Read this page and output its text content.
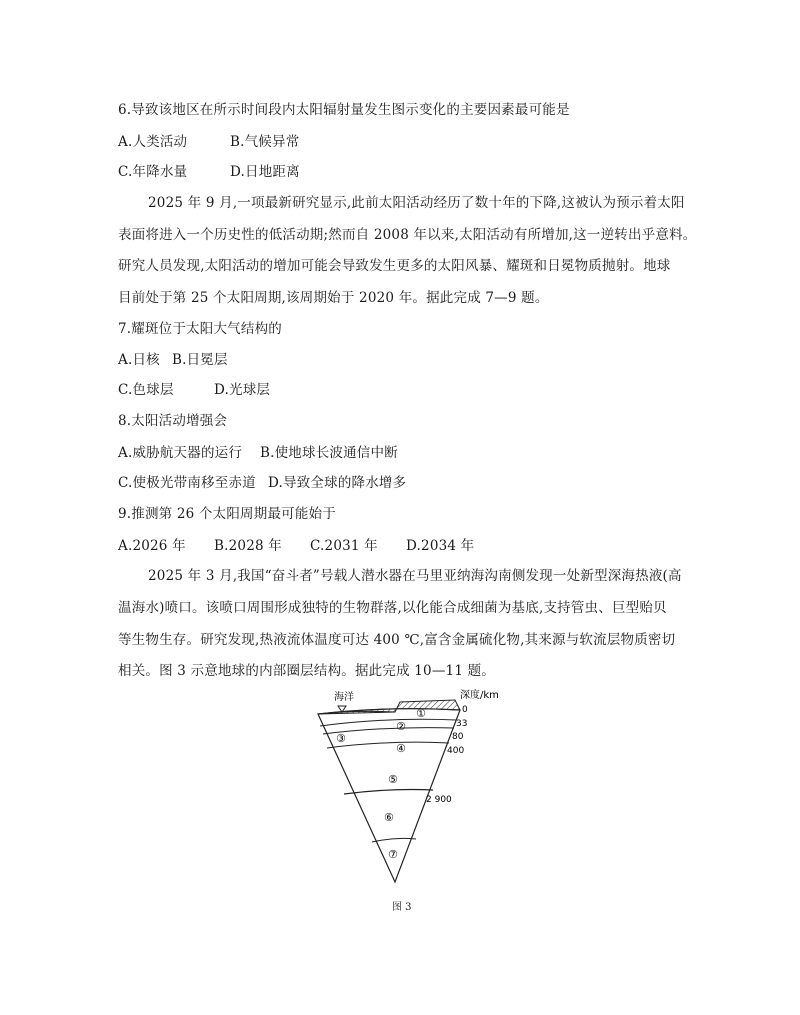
6.导致该地区在所示时间段内太阳辐射量发生图示变化的主要因素最可能是
A.人类活动	B.气候异常
C.年降水量	D.日地距离
2025 年 9 月,一项最新研究显示,此前太阳活动经历了数十年的下降,这被认为预示着太阳
表面将进入一个历史性的低活动期;然而自 2008 年以来,太阳活动有所增加,这一逆转出乎意料。
研究人员发现,太阳活动的增加可能会导致发生更多的太阳风暴、耀斑和日冕物质抛射。地球
目前处于第 25 个太阳周期,该周期始于 2020 年。据此完成 7—9 题。
7.耀斑位于太阳大气结构的
A.日核 B.日冕层
C.色球层	D.光球层
8.太阳活动增强会
A.威胁航天器的运行 B.使地球长波通信中断
C.使极光带南移至赤道 D.导致全球的降水增多
9.推测第 26 个太阳周期最可能始于
A.2026 年 B.2028 年 C.2031 年 D.2034 年
2025 年 3 月,我国“奋斗者”号载人潜水器在马里亚纳海沟南侧发现一处新型深海热液(高
温海水)喷口。该喷口周围形成独特的生物群落,以化能合成细菌为基底,支持管虫、巨型贻贝
等生物生存。研究发现,热液流体温度可达 400 ℃,富含金属硫化物,其来源与软流层物质密切
相关。图 3 示意地球的内部圈层结构。据此完成 10—11 题。
海洋	深度/km
0
33
80
400
2 900
①
②
③
④
⑤
⑥
⑦
图 3
